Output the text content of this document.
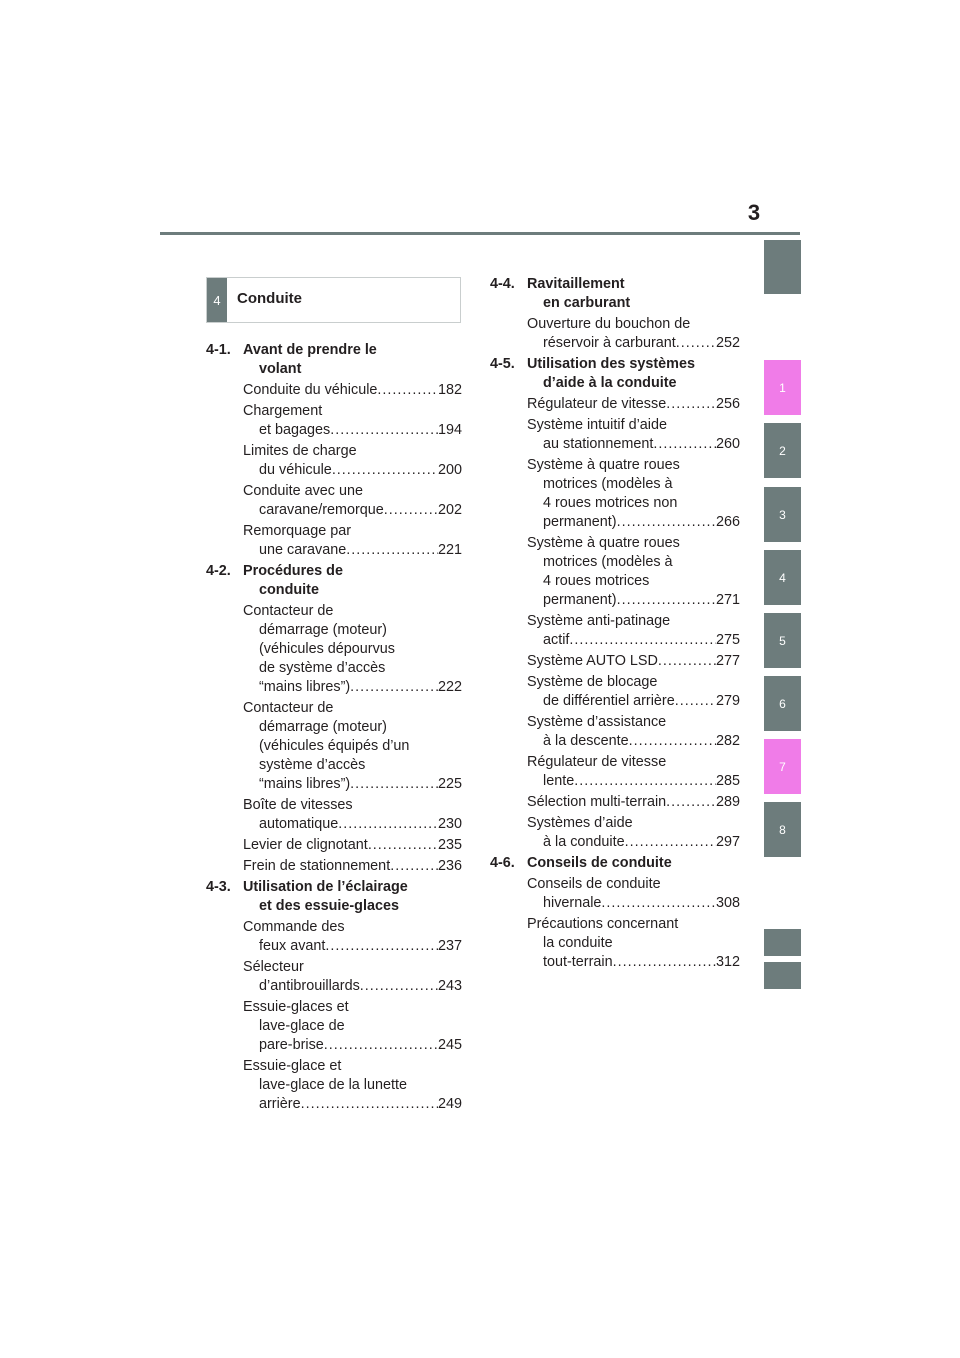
3
1
2
3
4
5
6
7
8
4	Conduite
4-1. Avant de prendre le
volant
Conduite du véhicule .....	182
Chargement
et bagages .....	194
Limites de charge
du véhicule .....	200
Conduite avec une
caravane/remorque .....	202
Remorquage par
une caravane .....	221
4-2. Procédures de
conduite
Contacteur de
démarrage (moteur)
(véhicules dépourvus
de système d’accès
“mains libres”) .....	222
Contacteur de
démarrage (moteur)
(véhicules équipés d’un
système d’accès
“mains libres”) .....	225
Boîte de vitesses
automatique .....	230
Levier de clignotant .....	235
Frein de stationnement .....	236
4-3. Utilisation de l’éclairage
et des essuie-glaces
Commande des
feux avant .....	237
Sélecteur
d’antibrouillards .....	243
Essuie-glaces et
lave-glace de
pare-brise .....	245
Essuie-glace et
lave-glace de la lunette
arrière .....	249
4-4. Ravitaillement
en carburant
Ouverture du bouchon de
réservoir à carburant .....	252
4-5. Utilisation des systèmes
d’aide à la conduite
Régulateur de vitesse .....	256
Système intuitif d’aide
au stationnement .....	260
Système à quatre roues
motrices (modèles à
4 roues motrices non
permanent) .....	266
Système à quatre roues
motrices (modèles à
4 roues motrices
permanent) .....	271
Système anti-patinage
actif .....	275
Système AUTO LSD .....	277
Système de blocage
de différentiel arrière .....	279
Système d’assistance
à la descente .....	282
Régulateur de vitesse
lente .....	285
Sélection multi-terrain .....	289
Systèmes d’aide
à la conduite .....	297
4-6. Conseils de conduite
Conseils de conduite
hivernale .....	308
Précautions concernant
la conduite
tout-terrain .....	312
